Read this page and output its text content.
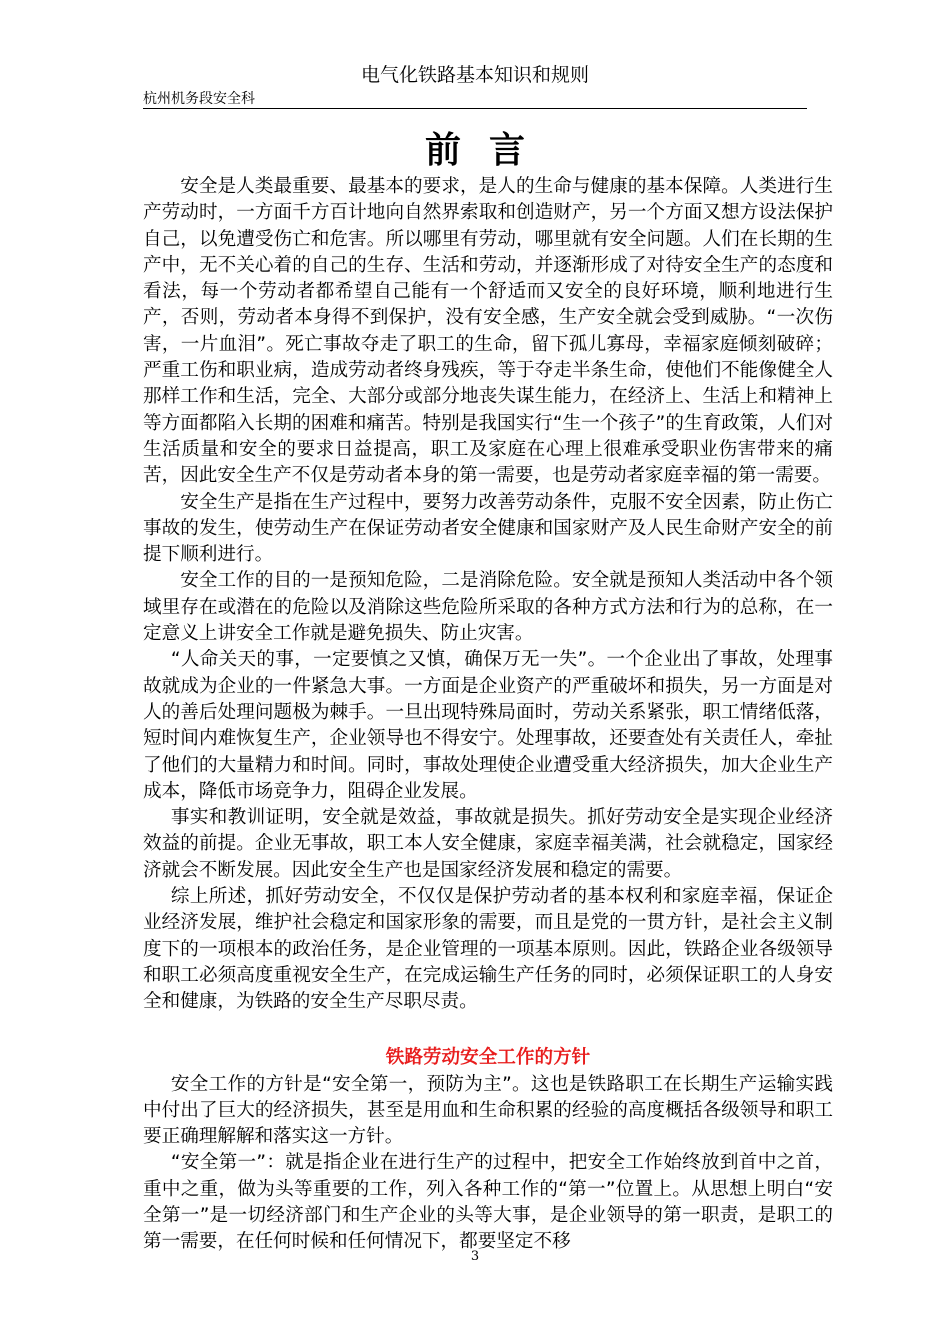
电气化铁路基本知识和规则
杭州机务段安全科
前言

安全是人类最重要、最基本的要求，是人的生命与健康的基本保障。人类进行生产劳动时，一方面千方百计地向自然界索取和创造财产，另一个方面又想方设法保护自己，以免遭受伤亡和危害。所以哪里有劳动，哪里就有安全问题。人们在长期的生产中，无不关心着的自己的生存、生活和劳动，并逐渐形成了对待安全生产的态度和看法，每一个劳动者都希望自己能有一个舒适而又安全的良好环境，顺利地进行生产，否则，劳动者本身得不到保护，没有安全感，生产安全就会受到威胁。“一次伤害，一片血泪”。死亡事故夺走了职工的生命，留下孤儿寡母，幸福家庭倾刻破碎；严重工伤和职业病，造成劳动者终身残疾，等于夺走半条生命，使他们不能像健全人那样工作和生活，完全、大部分或部分地丧失谋生能力，在经济上、生活上和精神上等方面都陷入长期的困难和痛苦。特别是我国实行“生一个孩子”的生育政策，人们对生活质量和安全的要求日益提高，职工及家庭在心理上很难承受职业伤害带来的痛苦，因此安全生产不仅是劳动者本身的第一需要，也是劳动者家庭幸福的第一需要。

安全生产是指在生产过程中，要努力改善劳动条件，克服不安全因素，防止伤亡事故的发生，使劳动生产在保证劳动者安全健康和国家财产及人民生命财产安全的前提下顺利进行。

安全工作的目的一是预知危险，二是消除危险。安全就是预知人类活动中各个领域里存在或潜在的危险以及消除这些危险所采取的各种方式方法和行为的总称，在一定意义上讲安全工作就是避免损失、防止灾害。

“人命关天的事，一定要慎之又慎，确保万无一失”。一个企业出了事故，处理事故就成为企业的一件紧急大事。一方面是企业资产的严重破坏和损失，另一方面是对人的善后处理问题极为棘手。一旦出现特殊局面时，劳动关系紧张，职工情绪低落，短时间内难恢复生产，企业领导也不得安宁。处理事故，还要查处有关责任人，牵扯了他们的大量精力和时间。同时，事故处理使企业遭受重大经济损失，加大企业生产成本，降低市场竞争力，阻碍企业发展。

事实和教训证明，安全就是效益，事故就是损失。抓好劳动安全是实现企业经济效益的前提。企业无事故，职工本人安全健康，家庭幸福美满，社会就稳定，国家经济就会不断发展。因此安全生产也是国家经济发展和稳定的需要。

综上所述，抓好劳动安全，不仅仅是保护劳动者的基本权利和家庭幸福，保证企业经济发展，维护社会稳定和国家形象的需要，而且是党的一贯方针，是社会主义制度下的一项根本的政治任务，是企业管理的一项基本原则。因此，铁路企业各级领导和职工必须高度重视安全生产，在完成运输生产任务的同时，必须保证职工的人身安全和健康，为铁路的安全生产尽职尽责。

铁路劳动安全工作的方针

安全工作的方针是“安全第一，预防为主”。这也是铁路职工在长期生产运输实践中付出了巨大的经济损失，甚至是用血和生命积累的经验的高度概括各级领导和职工要正确理解解和落实这一方针。

“安全第一”：就是指企业在进行生产的过程中，把安全工作始终放到首中之首，重中之重，做为头等重要的工作，列入各种工作的“第一”位置上。从思想上明白“安全第一”是一切经济部门和生产企业的头等大事，是企业领导的第一职责，是职工的第一需要，在任何时候和任何情况下，都要坚定不移

3
